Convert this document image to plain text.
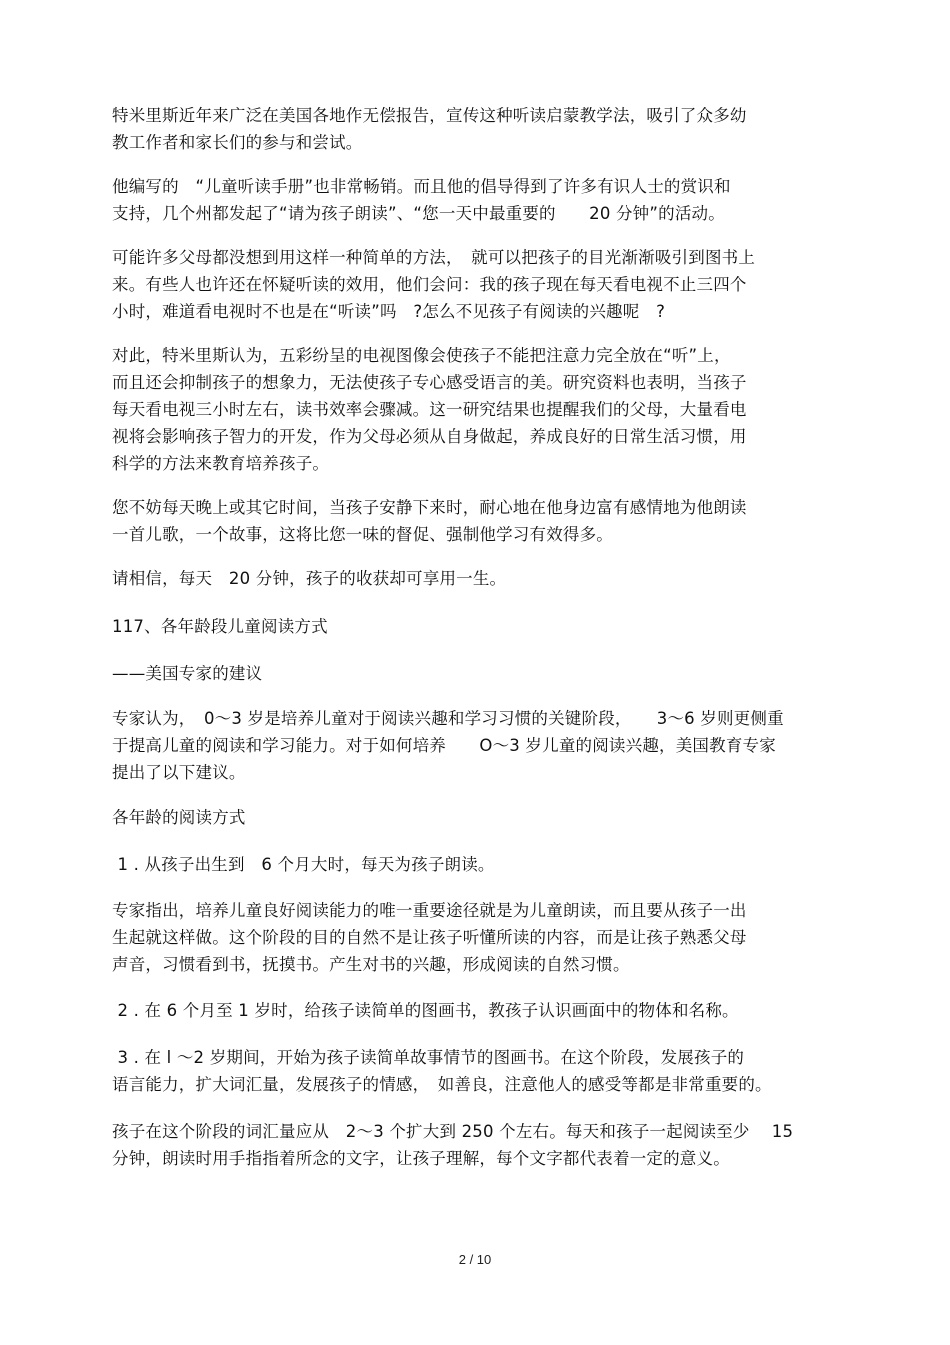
特米里斯近年来广泛在美国各地作无偿报告，宣传这种听读启蒙教学法，吸引了众多幼
教工作者和家长们的参与和尝试。
他编写的　“儿童听读手册”也非常畅销。而且他的倡导得到了许多有识人士的赏识和
支持，几个州都发起了“请为孩子朗读”、“您一天中最重要的　　20 分钟”的活动。
可能许多父母都没想到用这样一种简单的方法，　就可以把孩子的目光渐渐吸引到图书上
来。有些人也许还在怀疑听读的效用，他们会问：我的孩子现在每天看电视不止三四个
小时，难道看电视时不也是在“听读”吗　?怎么不见孩子有阅读的兴趣呢　?
对此，特米里斯认为，五彩纷呈的电视图像会使孩子不能把注意力完全放在“听”上，
而且还会抑制孩子的想象力，无法使孩子专心感受语言的美。研究资料也表明，当孩子
每天看电视三小时左右，读书效率会骤减。这一研究结果也提醒我们的父母，大量看电
视将会影响孩子智力的开发，作为父母必须从自身做起，养成良好的日常生活习惯，用
科学的方法来教育培养孩子。
您不妨每天晚上或其它时间，当孩子安静下来时，耐心地在他身边富有感情地为他朗读
一首儿歌，一个故事，这将比您一味的督促、强制他学习有效得多。
请相信，每天　20 分钟，孩子的收获却可享用一生。
117、各年龄段儿童阅读方式
——美国专家的建议
专家认为，　0～3 岁是培养儿童对于阅读兴趣和学习习惯的关键阶段，　　3～6 岁则更侧重
于提高儿童的阅读和学习能力。对于如何培养　　O～3 岁儿童的阅读兴趣，美国教育专家
提出了以下建议。
各年龄的阅读方式
1 . 从孩子出生到　6 个月大时，每天为孩子朗读。
专家指出，培养儿童良好阅读能力的唯一重要途径就是为儿童朗读，而且要从孩子一出
生起就这样做。这个阶段的目的自然不是让孩子听懂所读的内容，而是让孩子熟悉父母
声音，习惯看到书，抚摸书。产生对书的兴趣，形成阅读的自然习惯。
2 . 在 6 个月至 1 岁时，给孩子读简单的图画书，教孩子认识画面中的物体和名称。
3 . 在 l ～2 岁期间，开始为孩子读简单故事情节的图画书。在这个阶段，发展孩子的
语言能力，扩大词汇量，发展孩子的情感，　如善良，注意他人的感受等都是非常重要的。
孩子在这个阶段的词汇量应从　2～3 个扩大到 250 个左右。每天和孩子一起阅读至少　 15
分钟，朗读时用手指指着所念的文字，让孩子理解，每个文字都代表着一定的意义。
2 / 10
